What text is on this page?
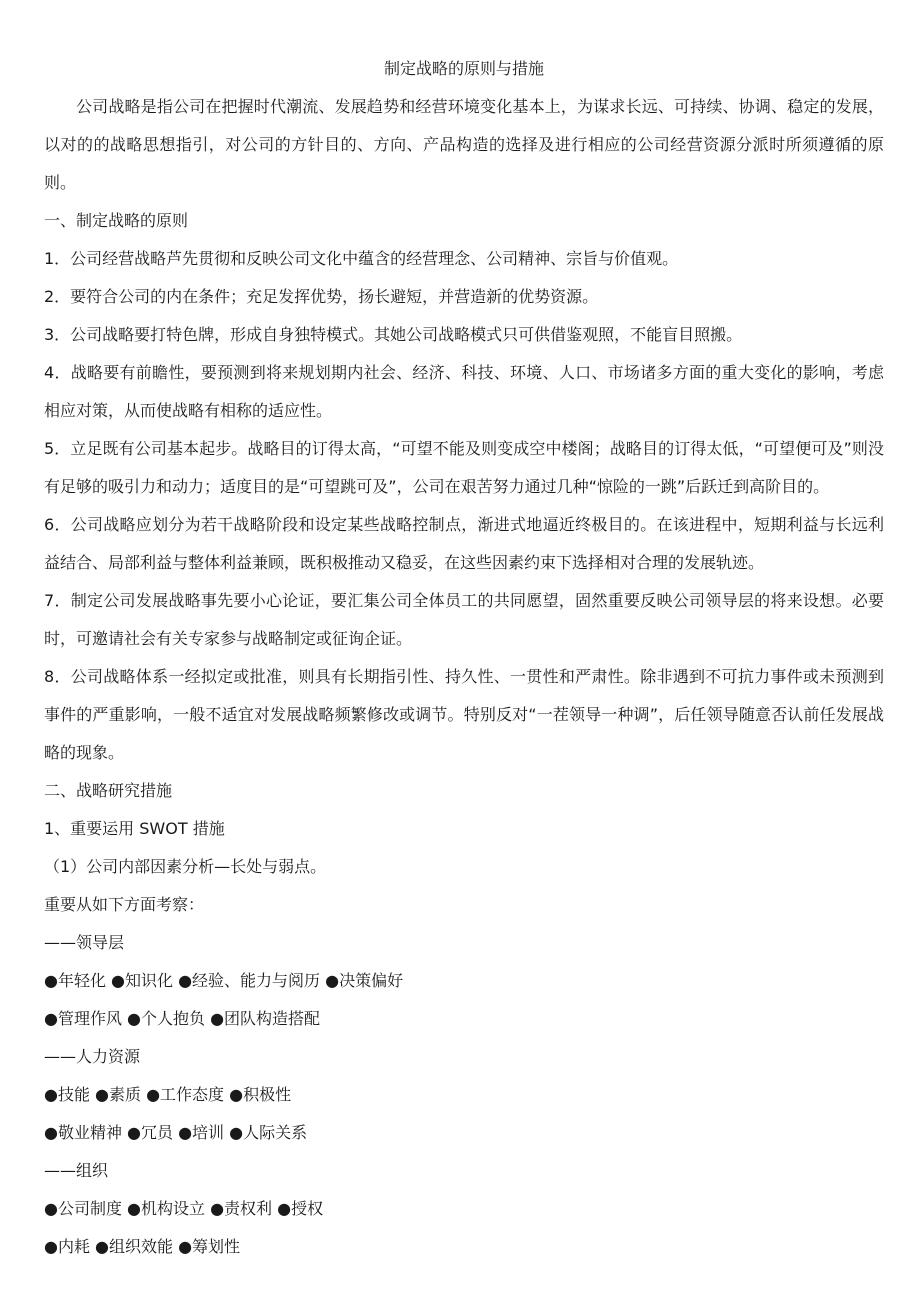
制定战略的原则与措施

公司战略是指公司在把握时代潮流、发展趋势和经营环境变化基本上，为谋求长远、可持续、协调、稳定的发展，以对的的战略思想指引，对公司的方针目的、方向、产品构造的选择及进行相应的公司经营资源分派时所须遵循的原则。

一、制定战略的原则

1．公司经营战略芦先贯彻和反映公司文化中蕴含的经营理念、公司精神、宗旨与价值观。

2．要符合公司的内在条件；充足发挥优势，扬长避短，并营造新的优势资源。

3．公司战略要打特色牌，形成自身独特模式。其她公司战略模式只可供借鉴观照，不能盲目照搬。

4．战略要有前瞻性，要预测到将来规划期内社会、经济、科技、环境、人口、市场诸多方面的重大变化的影响，考虑相应对策，从而使战略有相称的适应性。

5．立足既有公司基本起步。战略目的订得太高，“可望不能及则变成空中楼阁；战略目的订得太低，“可望便可及”则没有足够的吸引力和动力；适度目的是“可望跳可及”，公司在艰苦努力通过几种“惊险的一跳”后跃迁到高阶目的。

6．公司战略应划分为若干战略阶段和设定某些战略控制点，渐进式地逼近终极目的。在该进程中，短期利益与长远利益结合、局部利益与整体利益兼顾，既积极推动又稳妥，在这些因素约束下选择相对合理的发展轨迹。

7．制定公司发展战略事先要小心论证，要汇集公司全体员工的共同愿望，固然重要反映公司领导层的将来设想。必要时，可邀请社会有关专家参与战略制定或征询企证。

8．公司战略体系一经拟定或批准，则具有长期指引性、持久性、一贯性和严肃性。除非遇到不可抗力事件或未预测到事件的严重影响，一般不适宜对发展战略频繁修改或调节。特别反对“一茬领导一种调”，后任领导随意否认前任发展战略的现象。

二、战略研究措施

1、重要运用 SWOT 措施

（1）公司内部因素分析—长处与弱点。

重要从如下方面考察：

——领导层

●年轻化 ●知识化 ●经验、能力与阅历 ●决策偏好

●管理作风 ●个人抱负 ●团队构造搭配

——人力资源

●技能 ●素质 ●工作态度 ●积极性

●敬业精神 ●冗员 ●培训 ●人际关系

——组织

●公司制度 ●机构设立 ●责权利 ●授权

●内耗 ●组织效能 ●筹划性
